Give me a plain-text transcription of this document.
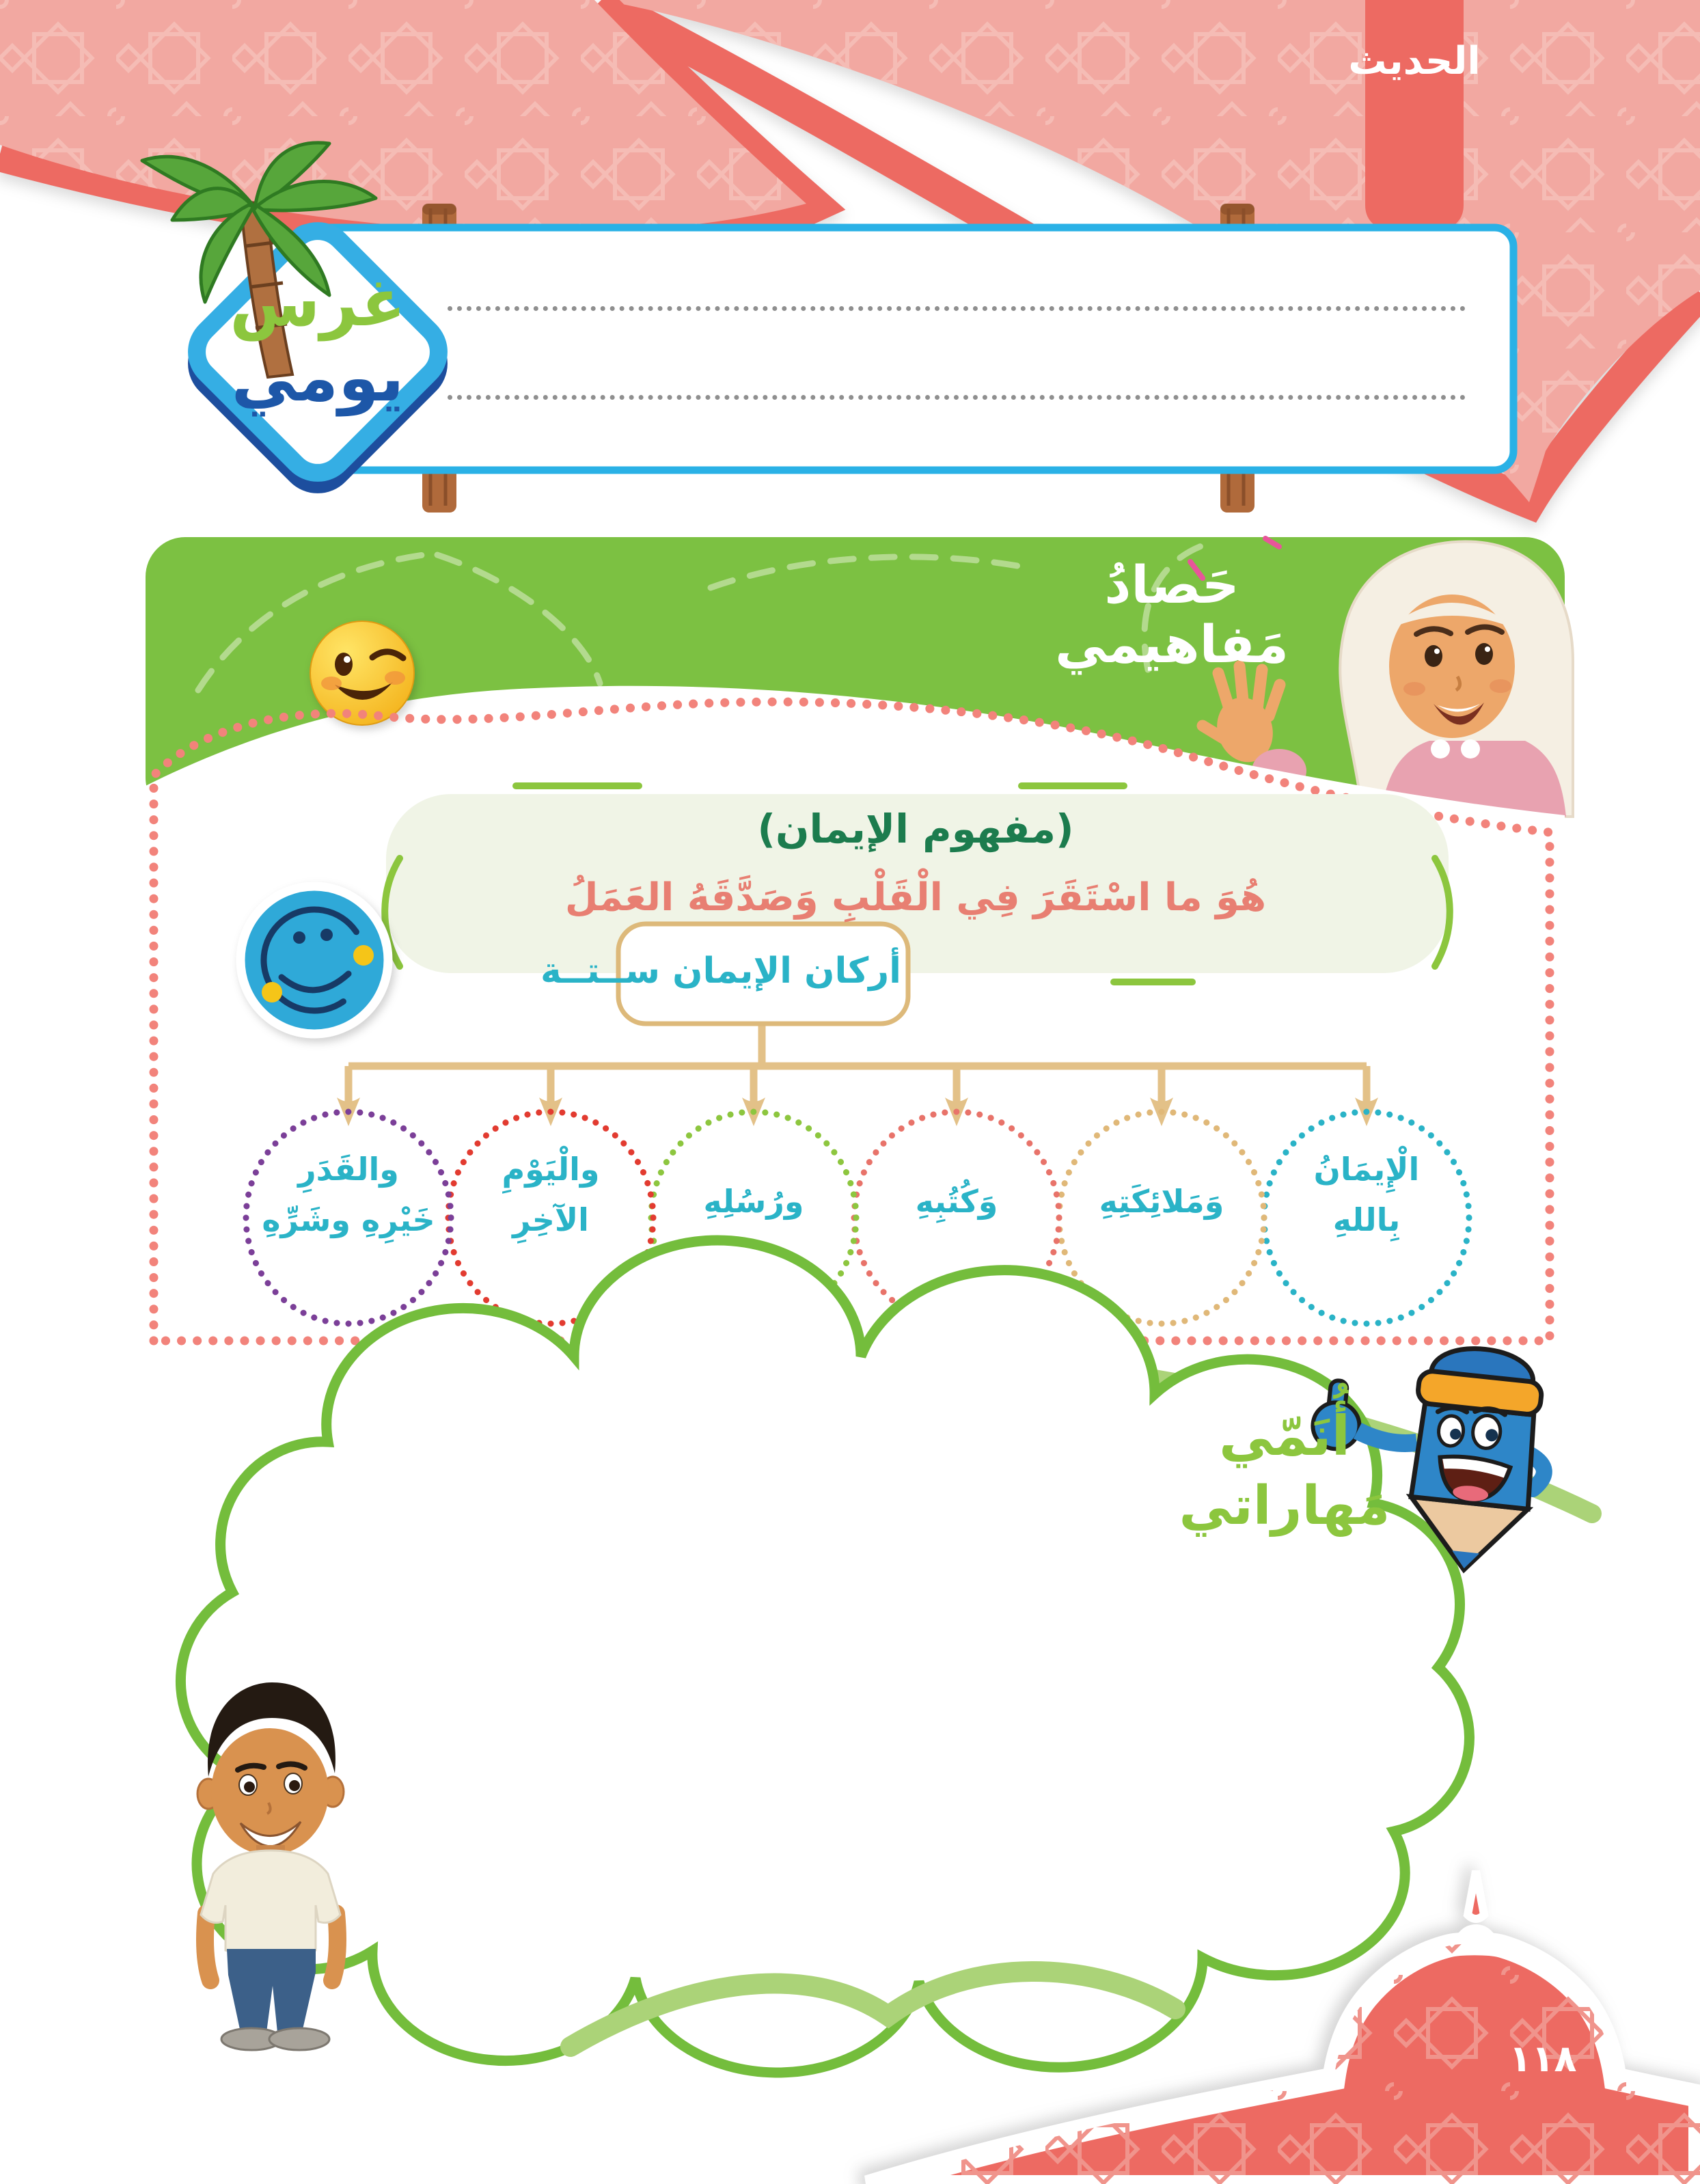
الحديث
غرس
يومي
حَصادُ
مَفاهيمي
(مفهوم الإيمان)
هُوَ ما اسْتَقَرَ فِي الْقَلْبِ وَصَدَّقَهُ العَمَلُ
أركان الإيمان ســتــة
الْإِيمَانُ
بِاللهِ
وَمَلائِكَتِهِ
وَكُتُبِهِ
ورُسُلِهِ
والْيَوْمِ
الآخِرِ
والقَدَرِ
خَيْرِهِ وشَرِّهِ
أُنَمّي
مَهاراتي
١١٨
